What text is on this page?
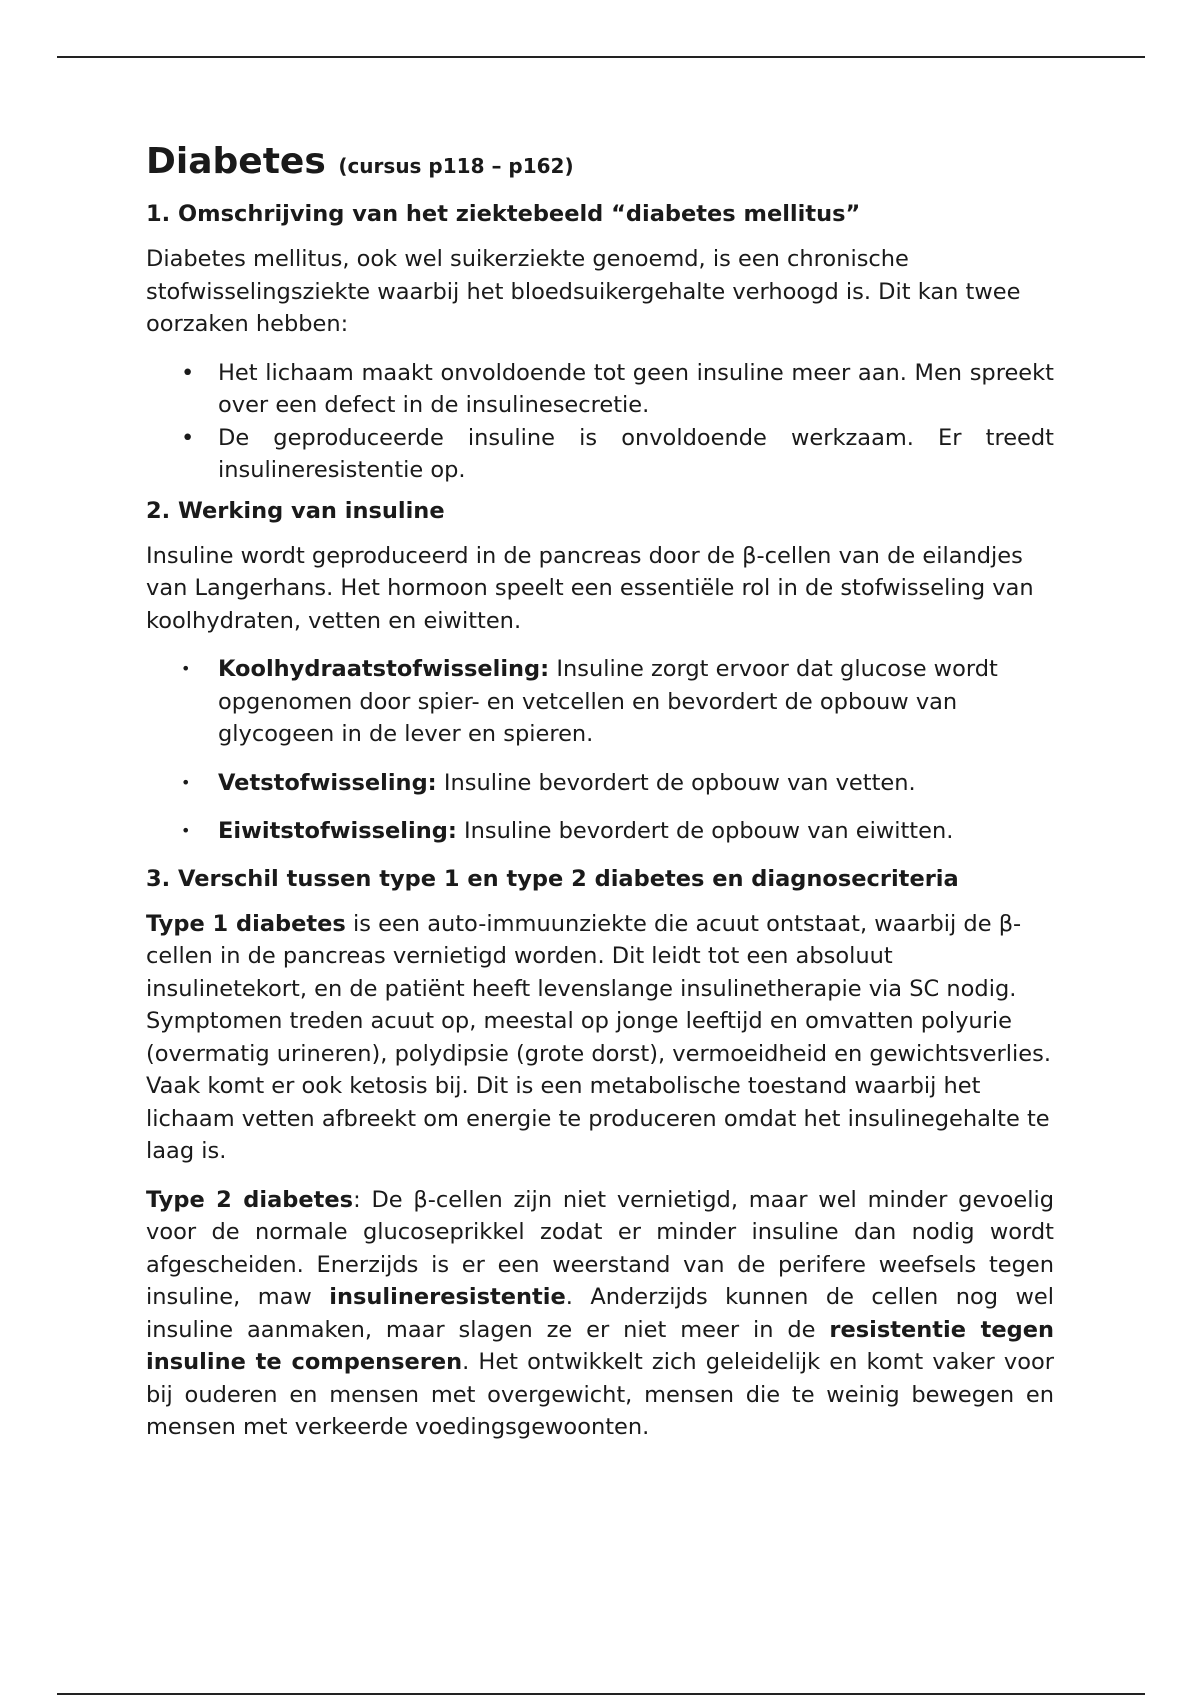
Diabetes (cursus p118 – p162)
1. Omschrijving van het ziektebeeld “diabetes mellitus”

Diabetes mellitus, ook wel suikerziekte genoemd, is een chronische stofwisselingsziekte waarbij het bloedsuikergehalte verhoogd is. Dit kan twee oorzaken hebben:

• Het lichaam maakt onvoldoende tot geen insuline meer aan. Men spreekt over een defect in de insulinesecretie.
• De geproduceerde insuline is onvoldoende werkzaam. Er treedt insulineresistentie op.
2. Werking van insuline

Insuline wordt geproduceerd in de pancreas door de β-cellen van de eilandjes van Langerhans. Het hormoon speelt een essentiële rol in de stofwisseling van koolhydraten, vetten en eiwitten.

• Koolhydraatstofwisseling: Insuline zorgt ervoor dat glucose wordt opgenomen door spier- en vetcellen en bevordert de opbouw van glycogeen in de lever en spieren.
• Vetstofwisseling: Insuline bevordert de opbouw van vetten.
• Eiwitstofwisseling: Insuline bevordert de opbouw van eiwitten.
3. Verschil tussen type 1 en type 2 diabetes en diagnosecriteria

Type 1 diabetes is een auto-immuunziekte die acuut ontstaat, waarbij de β-cellen in de pancreas vernietigd worden. Dit leidt tot een absoluut insulinetekort, en de patiënt heeft levenslange insulinetherapie via SC nodig. Symptomen treden acuut op, meestal op jonge leeftijd en omvatten polyurie (overmatig urineren), polydipsie (grote dorst), vermoeidheid en gewichtsverlies. Vaak komt er ook ketosis bij. Dit is een metabolische toestand waarbij het lichaam vetten afbreekt om energie te produceren omdat het insulinegehalte te laag is.

Type 2 diabetes: De β-cellen zijn niet vernietigd, maar wel minder gevoelig voor de normale glucoseprikkel zodat er minder insuline dan nodig wordt afgescheiden. Enerzijds is er een weerstand van de perifere weefsels tegen insuline, maw insulineresistentie. Anderzijds kunnen de cellen nog wel insuline aanmaken, maar slagen ze er niet meer in de resistentie tegen insuline te compenseren. Het ontwikkelt zich geleidelijk en komt vaker voor bij ouderen en mensen met overgewicht, mensen die te weinig bewegen en mensen met verkeerde voedingsgewoonten.
